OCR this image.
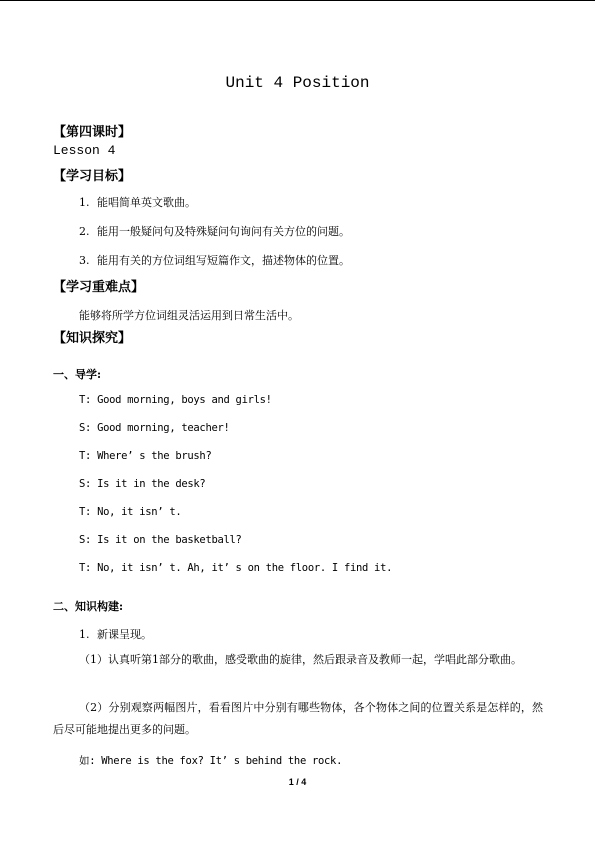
Unit 4 Position
【第四课时】
Lesson 4
【学习目标】
1. 能唱简单英文歌曲。
2. 能用一般疑问句及特殊疑问句询问有关方位的问题。
3. 能用有关的方位词组写短篇作文，描述物体的位置。
【学习重难点】
能够将所学方位词组灵活运用到日常生活中。
【知识探究】
一、导学:
T: Good morning, boys and girls!
S: Good morning, teacher!
T: Where’ s the brush?
S: Is it in the desk?
T: No, it isn’ t.
S: Is it on the basketball?
T: No, it isn’ t. Ah, it’ s on the floor. I find it.
二、知识构建:
1. 新课呈现。
（1）认真听第1部分的歌曲，感受歌曲的旋律，然后跟录音及教师一起，学唱此部分歌曲。
（2）分别观察两幅图片，看看图片中分别有哪些物体，各个物体之间的位置关系是怎样的，然后尽可能地提出更多的问题。
如: Where is the fox? It’ s behind the rock.
1 / 4
